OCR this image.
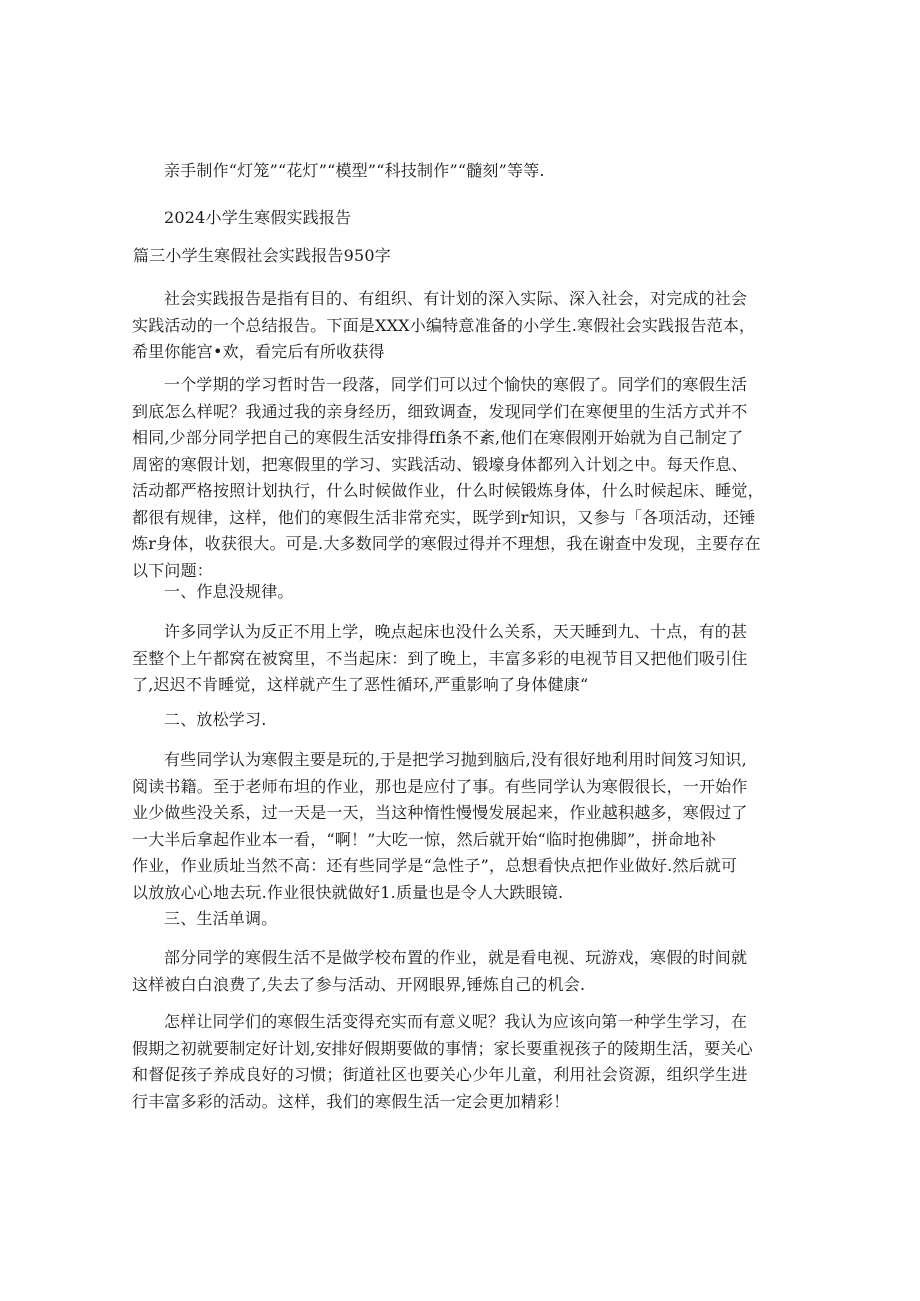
亲手制作“灯笼”“花灯”“模型”“科技制作”“髓刻”等等.

2024小学生寒假实践报告

篇三小学生寒假社会实践报告950字

社会实践报告是指有目的、有组织、有计划的深入实际、深入社会，对完成的社会
实践活动的一个总结报告。下面是XXX小编特意准备的小学生.寒假社会实践报告范本，
希里你能宫•欢，看完后有所收获得

一个学期的学习哲时告一段落，同学们可以过个愉快的寒假了。同学们的寒假生活
到底怎么样呢？我通过我的亲身经历，细致调查，发现同学们在寒便里的生活方式并不
相同,少部分同学把自己的寒假生活安排得ffi条不紊,他们在寒假刚开始就为自己制定了
周密的寒假计划，把寒假里的学习、实践活动、锻壕身体都列入计划之中。每天作息、
活动都严格按照计划执行，什么时候做作业，什么时候锻炼身体，什么时候起床、睡觉，
都很有规律，这样，他们的寒假生活非常充实，既学到r知识，又参与「各项活动，还锤
炼r身体，收获很大。可是.大多数同学的寒假过得并不理想，我在谢查中发现，主要存在
以下问题：

一、作息没规律。

许多同学认为反正不用上学，晚点起床也没什么关系，天天睡到九、十点，有的甚
至整个上午都窝在被窝里，不当起床：到了晚上，丰富多彩的电视节目又把他们吸引住
了,迟迟不肯睡觉，这样就产生了恶性循环,严重影响了身体健康“

二、放松学习.

有些同学认为寒假主要是玩的,于是把学习抛到脑后,没有很好地利用时间笈习知识,
阅读书籍。至于老师布坦的作业，那也是应付了事。有些同学认为寒假很长，一开始作
业少做些没关系，过一天是一天，当这种惰性慢慢发展起来，作业越积越多，寒假过了
一大半后拿起作业本一看，“啊！”大吃一惊，然后就开始“临时抱佛脚”，拼命地补
作业，作业质址当然不高：还有些同学是“急性子”，总想看快点把作业做好.然后就可
以放放心心地去玩.作业很快就做好1.质量也是令人大跌眼镜.

三、生活单调。

部分同学的寒假生活不是做学校布置的作业，就是看电视、玩游戏，寒假的时间就
这样被白白浪费了,失去了参与活动、开网眼界,锤炼自己的机会.

怎样让同学们的寒假生活变得充实而有意义呢？我认为应该向第一种学生学习，在
假期之初就要制定好计划,安排好假期要做的事情；家长要重视孩子的陵期生活，要关心
和督促孩子养成良好的习惯；街道社区也要关心少年儿童，利用社会资源，组织学生进
行丰富多彩的活动。这样，我们的寒假生活一定会更加精彩！
